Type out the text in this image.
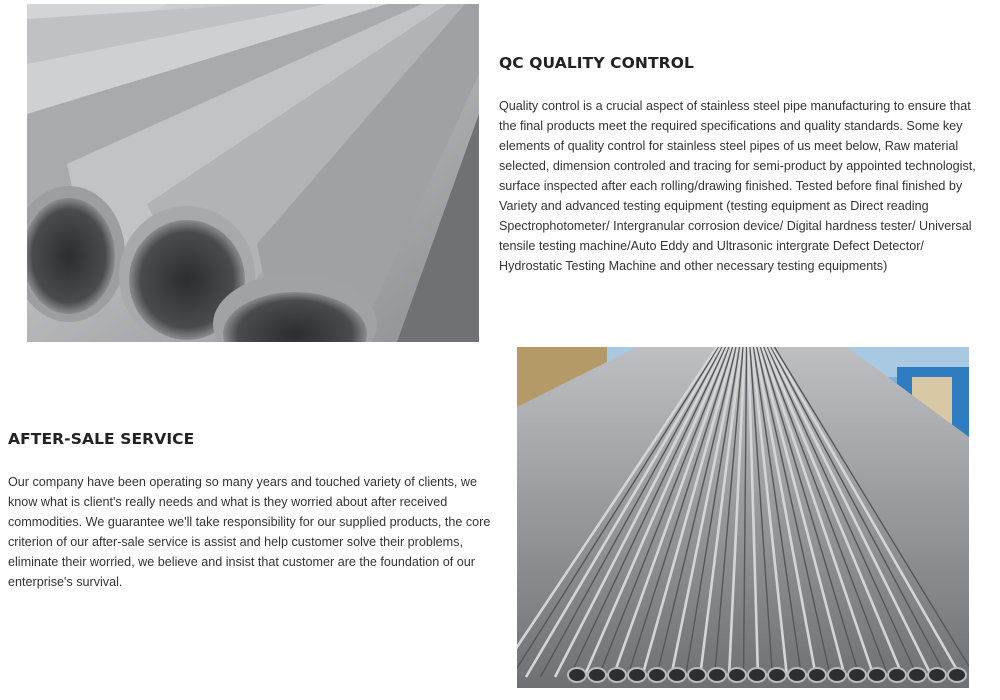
QC QUALITY CONTROL

Quality control is a crucial aspect of stainless steel pipe manufacturing to ensure that the final products meet the required specifications and quality standards. Some key elements of quality control for stainless steel pipes of us meet below, Raw material selected, dimension controled and tracing for semi-product by appointed technologist, surface inspected after each rolling/drawing finished. Tested before final finished by Variety and advanced testing equipment (testing equipment as Direct reading Spectrophotometer/ Intergranular corrosion device/ Digital hardness tester/ Universal tensile testing machine/Auto Eddy and Ultrasonic intergrate Defect Detector/ Hydrostatic Testing Machine and other necessary testing equipments)

AFTER-SALE SERVICE

Our company have been operating so many years and touched variety of clients, we know what is client's really needs and what is they worried about after received commodities. We guarantee we'll take responsibility for our supplied products, the core criterion of our after-sale service is assist and help customer solve their problems, eliminate their worried, we believe and insist that customer are the foundation of our enterprise's survival.
